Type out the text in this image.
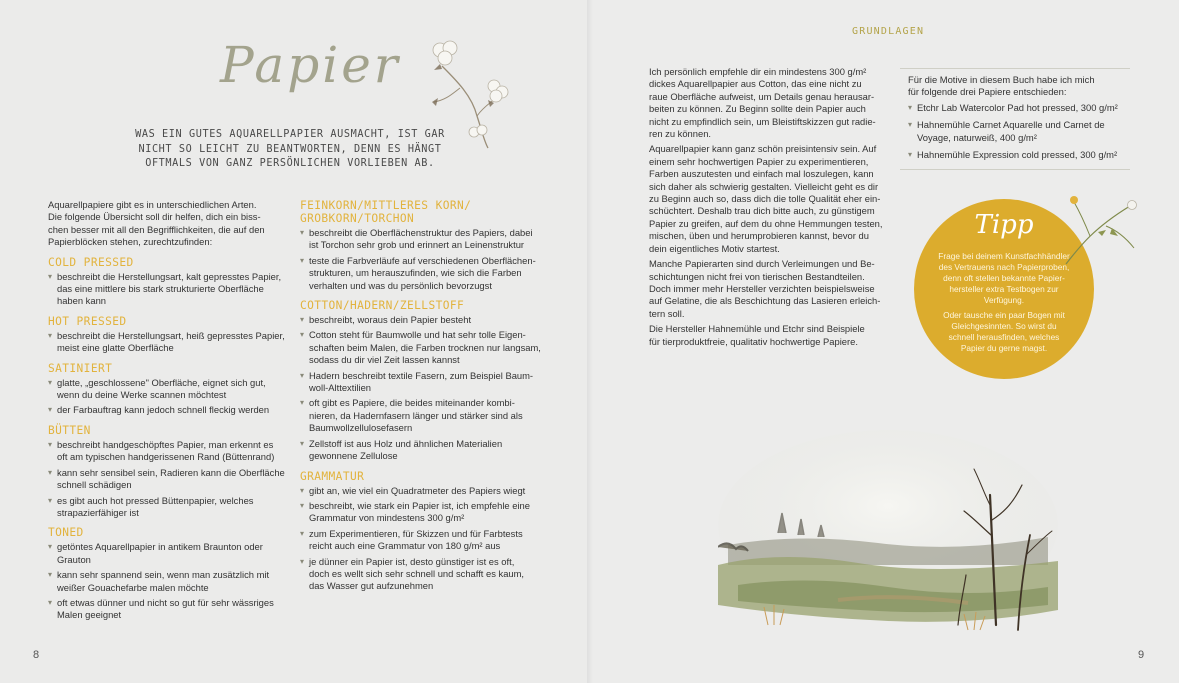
GRUNDLAGEN
Papier
WAS EIN GUTES AQUARELLPAPIER AUSMACHT, IST GAR
NICHT SO LEICHT ZU BEANTWORTEN, DENN ES HÄNGT
OFTMALS VON GANZ PERSÖNLICHEN VORLIEBEN AB.
Aquarellpapiere gibt es in unterschiedlichen Arten.
Die folgende Übersicht soll dir helfen, dich ein biss-
chen besser mit all den Begrifflichkeiten, die auf den
Papierblöcken stehen, zurechtzufinden:
COLD PRESSED
▾ beschreibt die Herstellungsart, kalt gepresstes Papier,
das eine mittlere bis stark strukturierte Oberfläche
haben kann
HOT PRESSED
▾ beschreibt die Herstellungsart, heiß gepresstes Papier,
meist eine glatte Oberfläche
SATINIERT
▾ glatte, „geschlossene" Oberfläche, eignet sich gut,
wenn du deine Werke scannen möchtest
▾ der Farbauftrag kann jedoch schnell fleckig werden
BÜTTEN
▾ beschreibt handgeschöpftes Papier, man erkennt es
oft am typischen handgerissenen Rand (Büttenrand)
▾ kann sehr sensibel sein, Radieren kann die Oberfläche
schnell schädigen
▾ es gibt auch hot pressed Büttenpapier, welches
strapazierfähiger ist
TONED
▾ getöntes Aquarellpapier in antikem Braunton oder
Grauton
▾ kann sehr spannend sein, wenn man zusätzlich mit
weißer Gouachefarbe malen möchte
▾ oft etwas dünner und nicht so gut für sehr wässriges
Malen geeignet
FEINKORN/MITTLERES KORN/
GROBKORN/TORCHON
▾ beschreibt die Oberflächenstruktur des Papiers, dabei
ist Torchon sehr grob und erinnert an Leinenstruktur
▾ teste die Farbverläufe auf verschiedenen Oberflächen-
strukturen, um herauszufinden, wie sich die Farben
verhalten und was du persönlich bevorzugst
COTTON/HADERN/ZELLSTOFF
▾ beschreibt, woraus dein Papier besteht
▾ Cotton steht für Baumwolle und hat sehr tolle Eigen-
schaften beim Malen, die Farben trocknen nur langsam,
sodass du dir viel Zeit lassen kannst
▾ Hadern beschreibt textile Fasern, zum Beispiel Baum-
woll-Alttextilien
▾ oft gibt es Papiere, die beides miteinander kombi-
nieren, da Hadernfasern länger und stärker sind als
Baumwollzellulosefasern
▾ Zellstoff ist aus Holz und ähnlichen Materialien
gewonnene Zellulose
GRAMMATUR
▾ gibt an, wie viel ein Quadratmeter des Papiers wiegt
▾ beschreibt, wie stark ein Papier ist, ich empfehle eine
Grammatur von mindestens 300 g/m²
▾ zum Experimentieren, für Skizzen und für Farbtests
reicht auch eine Grammatur von 180 g/m² aus
▾ je dünner ein Papier ist, desto günstiger ist es oft,
doch es wellt sich sehr schnell und schafft es kaum,
das Wasser gut aufzunehmen
Ich persönlich empfehle dir ein mindestens 300 g/m²
dickes Aquarellpapier aus Cotton, das eine nicht zu
raue Oberfläche aufweist, um Details genau herausar-
beiten zu können. Zu Beginn sollte dein Papier auch
nicht zu empfindlich sein, um Bleistiftskizzen gut radie-
ren zu können.
Aquarellpapier kann ganz schön preisintensiv sein. Auf
einem sehr hochwertigen Papier zu experimentieren,
Farben auszutesten und einfach mal loszulegen, kann
sich daher als schwierig gestalten. Vielleicht geht es dir
zu Beginn auch so, dass dich die tolle Qualität eher ein-
schüchtert. Deshalb trau dich bitte auch, zu günstigem
Papier zu greifen, auf dem du ohne Hemmungen testen,
mischen, üben und herumprobieren kannst, bevor du
dein eigentliches Motiv startest.
Manche Papierarten sind durch Verleimungen und Be-
schichtungen nicht frei von tierischen Bestandteilen.
Doch immer mehr Hersteller verzichten beispielsweise
auf Gelatine, die als Beschichtung das Lasieren erleich-
tern soll.
Die Hersteller Hahnemühle und Etchr sind Beispiele
für tierproduktfreie, qualitativ hochwertige Papiere.
Für die Motive in diesem Buch habe ich mich
für folgende drei Papiere entschieden:
▾ Etchr Lab Watercolor Pad hot pressed, 300 g/m²
▾ Hahnemühle Carnet Aquarelle und Carnet de
Voyage, naturweiß, 400 g/m²
▾ Hahnemühle Expression cold pressed, 300 g/m²
Tipp
Frage bei deinem Kunstfachhändler
des Vertrauens nach Papierproben,
denn oft stellen bekannte Papier-
hersteller extra Testbogen zur
Verfügung.
Oder tausche ein paar Bogen mit
Gleichgesinnten. So wirst du
schnell herausfinden, welches
Papier du gerne magst.
8	9
